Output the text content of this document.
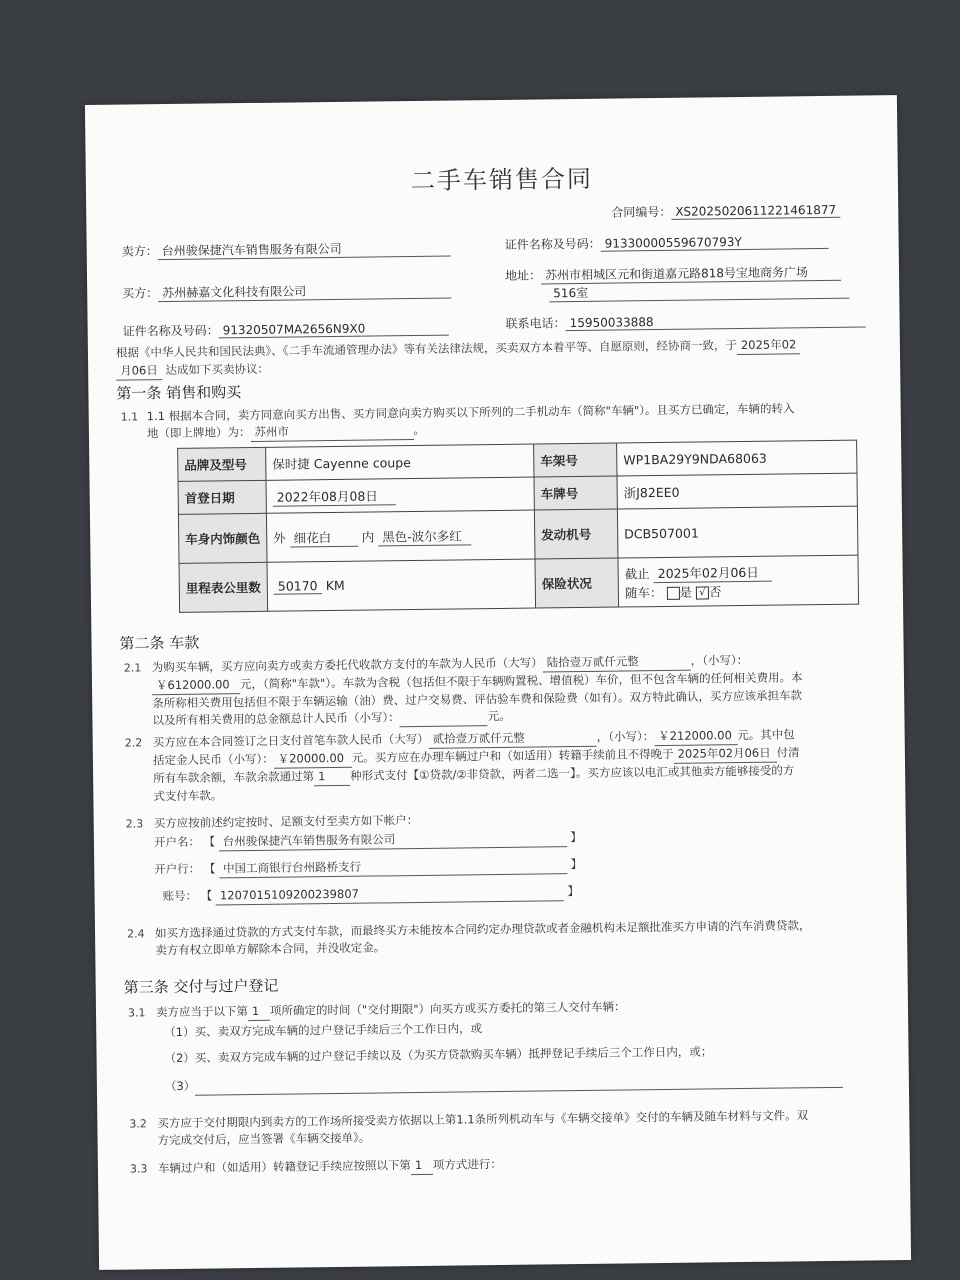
二手车销售合同
合同编号： XS2025020611221461877
卖方： 台州骏保捷汽车销售服务有限公司	证件名称及号码： 91330000559670793Y
买方： 苏州赫嘉文化科技有限公司
地址： 苏州市相城区元和街道嘉元路818号宝地商务广场
516室
证件名称及号码： 91320507MA2656N9X0	联系电话： 15950033888
根据《中华人民共和国民法典》、《二手车流通管理办法》等有关法律法规，买卖双方本着平等、自愿原则，经协商一致，于 2025年02
月06日 达成如下买卖协议：
第一条 销售和购买
1.1 1.1 根据本合同，卖方同意向买方出售、买方同意向卖方购买以下所列的二手机动车（简称"车辆"）。且买方已确定，车辆的转入
地（即上牌地）为： 苏州市	。
品牌及型号	保时捷 Cayenne coupe	车架号	WP1BA29Y9NDA68063
首登日期	2022年08月08日	车牌号	浙J82EE0
车身内饰颜色	外 细花白 内 黑色-波尔多红	发动机号	DCB507001
里程表公里数	50170 KM	保险状况	截止 2025年02月06日
随车： 是 √ 否
第二条 车款
2.1 为购买车辆，买方应向卖方或卖方委托代收款方支付的车款为人民币（大写） 陆拾壹万贰仟元整	，（小写）：
￥612000.00 元，（简称"车款"）。车款为含税（包括但不限于车辆购置税、增值税）车价，但不包含车辆的任何相关费用。本
条所称相关费用包括但不限于车辆运输（油）费、过户交易费、评估验车费和保险费（如有）。双方特此确认，买方应该承担车款
以及所有相关费用的总金额总计人民币（小写）：	元。
2.2 买方应在本合同签订之日支付首笔车款人民币（大写） 贰拾壹万贰仟元整	，（小写）： ￥212000.00 元。其中包
括定金人民币（小写）： ￥20000.00 元。买方应在办理车辆过户和（如适用）转籍手续前且不得晚于 2025年02月06日 付清
所有车款余额，车款余款通过第 1 种形式支付【①贷款/②非贷款，两者二选一】。买方应该以电汇或其他卖方能够接受的方
式支付车款。
2.3 买方应按前述约定按时、足额支付至卖方如下帐户：
开户名： 【 台州骏保捷汽车销售服务有限公司	】
开户行： 【 中国工商银行台州路桥支行	】
账号： 【 1207015109200239807	】
2.4 如买方选择通过贷款的方式支付车款，而最终买方未能按本合同约定办理贷款或者金融机构未足额批准买方申请的汽车消费贷款，
卖方有权立即单方解除本合同，并没收定金。
第三条 交付与过户登记
3.1 卖方应当于以下第 1 项所确定的时间（"交付期限"）向买方或买方委托的第三人交付车辆：
（1）买、卖双方完成车辆的过户登记手续后三个工作日内，或
（2）买、卖双方完成车辆的过户登记手续以及（为买方贷款购买车辆）抵押登记手续后三个工作日内，或；
（3）
3.2 买方应于交付期限内到卖方的工作场所接受卖方依据以上第1.1条所列机动车与《车辆交接单》交付的车辆及随车材料与文件。双
方完成交付后，应当签署《车辆交接单》。
3.3 车辆过户和（如适用）转籍登记手续应按照以下第 1 项方式进行：
